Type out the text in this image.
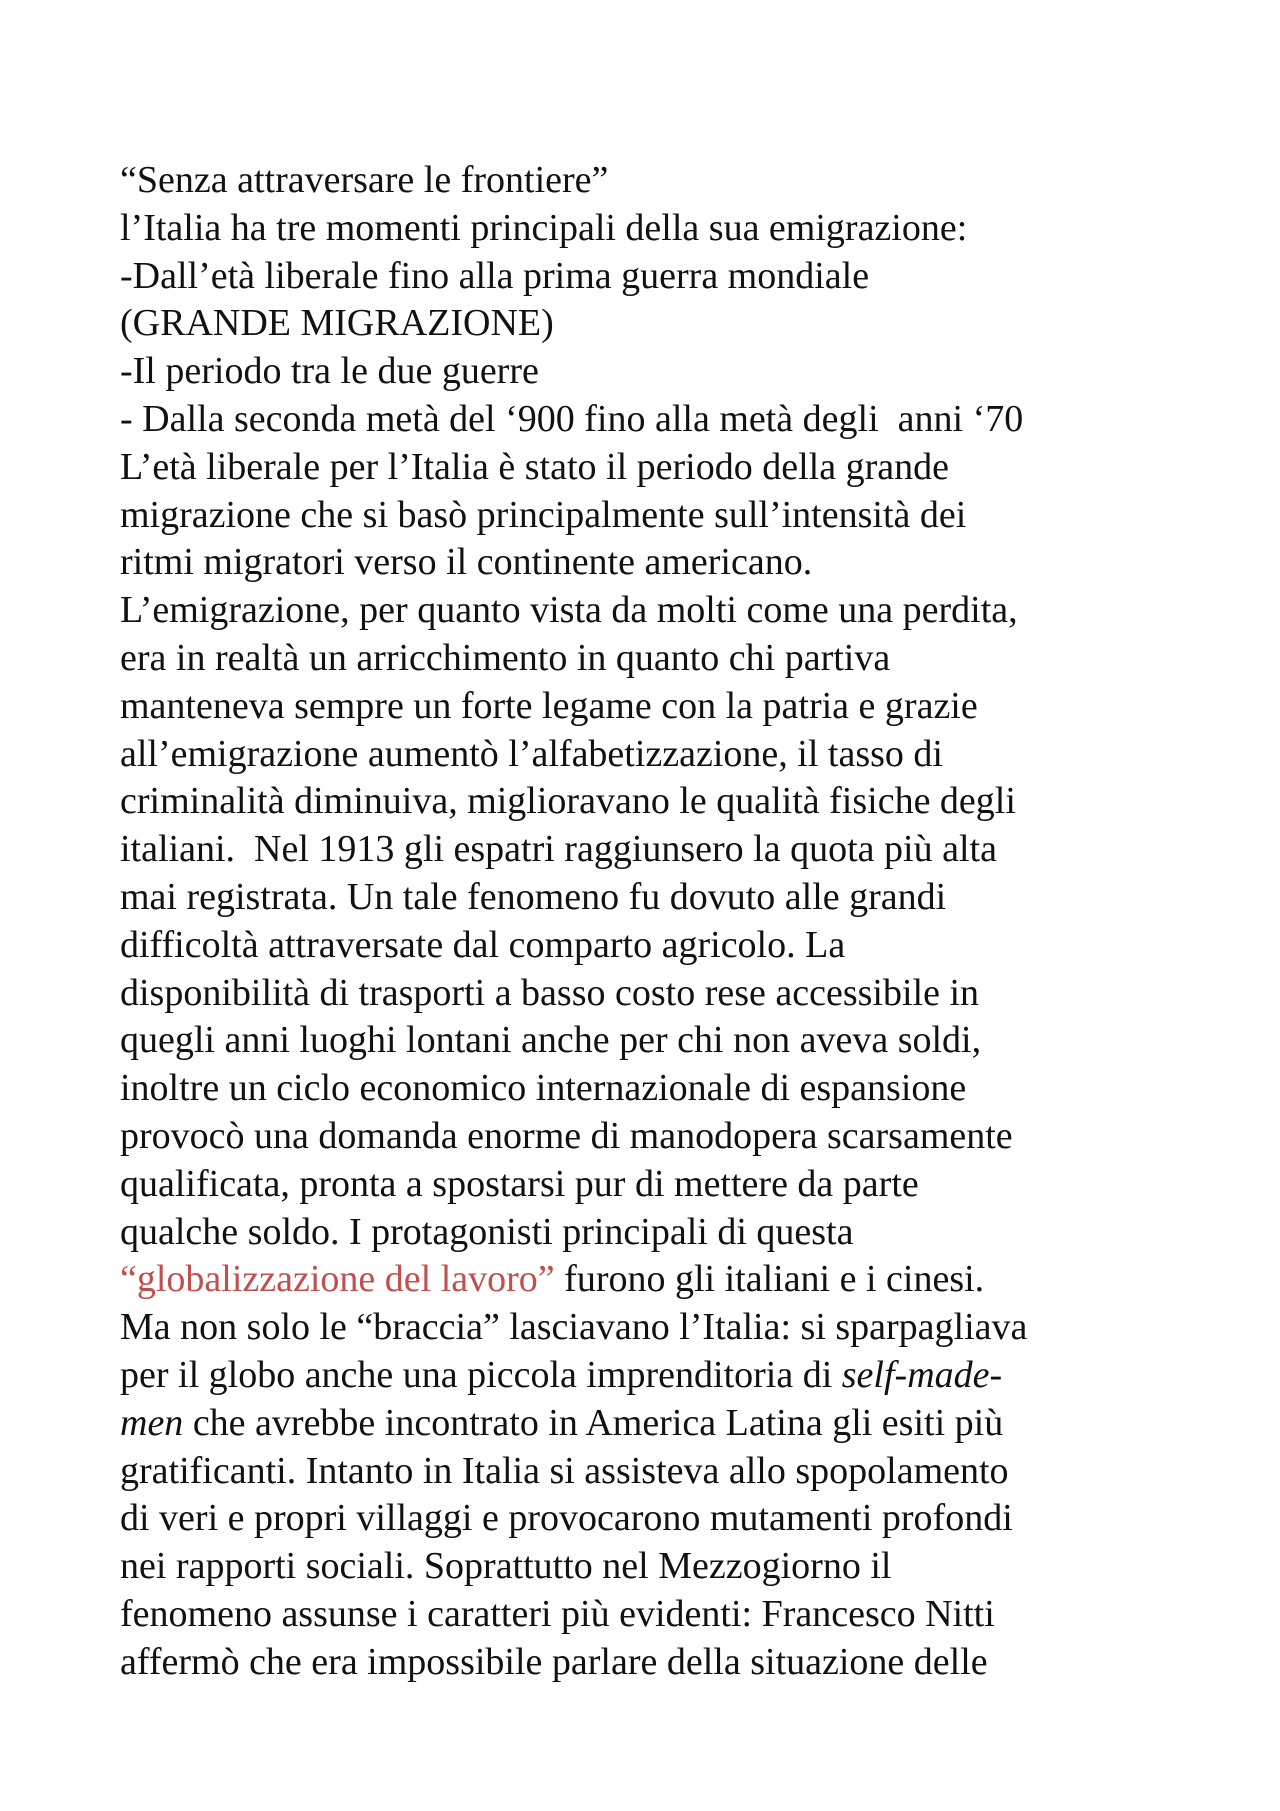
“Senza attraversare le frontiere”
l’Italia ha tre momenti principali della sua emigrazione:
-Dall’età liberale fino alla prima guerra mondiale
(GRANDE MIGRAZIONE)
-Il periodo tra le due guerre
- Dalla seconda metà del ‘900 fino alla metà degli  anni ‘70
L’età liberale per l’Italia è stato il periodo della grande
migrazione che si basò principalmente sull’intensità dei
ritmi migratori verso il continente americano.
L’emigrazione, per quanto vista da molti come una perdita,
era in realtà un arricchimento in quanto chi partiva
manteneva sempre un forte legame con la patria e grazie
all’emigrazione aumentò l’alfabetizzazione, il tasso di
criminalità diminuiva, miglioravano le qualità fisiche degli
italiani.  Nel 1913 gli espatri raggiunsero la quota più alta
mai registrata. Un tale fenomeno fu dovuto alle grandi
difficoltà attraversate dal comparto agricolo. La
disponibilità di trasporti a basso costo rese accessibile in
quegli anni luoghi lontani anche per chi non aveva soldi,
inoltre un ciclo economico internazionale di espansione
provocò una domanda enorme di manodopera scarsamente
qualificata, pronta a spostarsi pur di mettere da parte
qualche soldo. I protagonisti principali di questa
“globalizzazione del lavoro” furono gli italiani e i cinesi.
Ma non solo le “braccia” lasciavano l’Italia: si sparpagliava
per il globo anche una piccola imprenditoria di self-made-
men che avrebbe incontrato in America Latina gli esiti più
gratificanti. Intanto in Italia si assisteva allo spopolamento
di veri e propri villaggi e provocarono mutamenti profondi
nei rapporti sociali. Soprattutto nel Mezzogiorno il
fenomeno assunse i caratteri più evidenti: Francesco Nitti
affermò che era impossibile parlare della situazione delle
